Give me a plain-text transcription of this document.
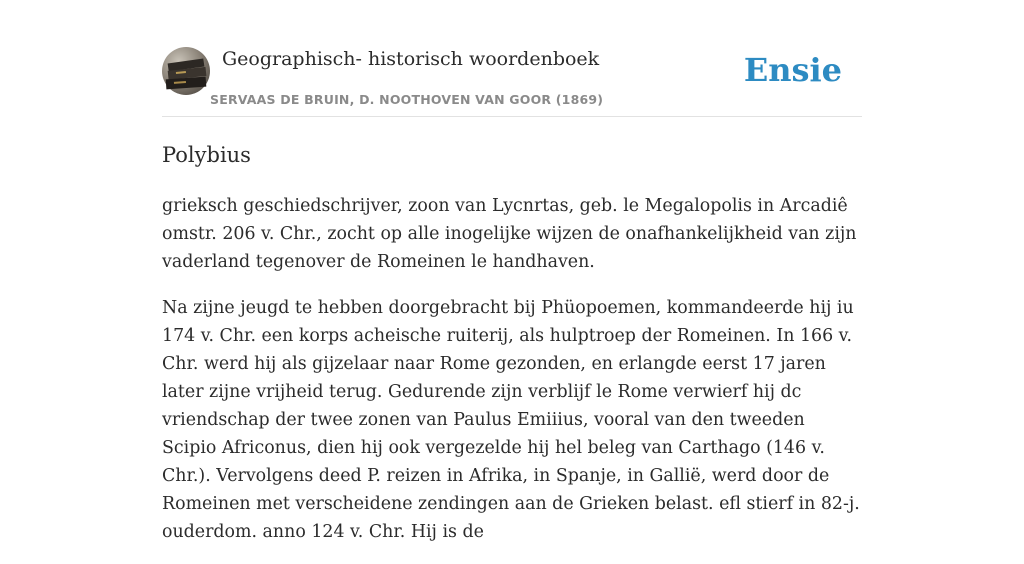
Geographisch- historisch woordenboek
SERVAAS DE BRUIN, D. NOOTHOVEN VAN GOOR (1869)
Ensie
Polybius

grieksch geschiedschrijver, zoon van Lycnrtas, geb. le Megalopolis in Arcadiê omstr. 206 v. Chr., zocht op alle inogelijke wijzen de onafhankelijkheid van zijn vaderland tegenover de Romeinen le handhaven.

Na zijne jeugd te hebben doorgebracht bij Phüopoemen, kommandeerde hij iu 174 v. Chr. een korps acheische ruiterij, als hulptroep der Romeinen. In 166 v. Chr. werd hij als gijzelaar naar Rome gezonden, en erlangde eerst 17 jaren later zijne vrijheid terug. Gedurende zijn verblijf le Rome verwierf hij dc vriendschap der twee zonen van Paulus Emiiius, vooral van den tweeden Scipio Africonus, dien hij ook vergezelde hij hel beleg van Carthago (146 v. Chr.). Vervolgens deed P. reizen in Afrika, in Spanje, in Gallië, werd door de Romeinen met verscheidene zendingen aan de Grieken belast. efl stierf in 82-j. ouderdom. anno 124 v. Chr. Hij is de
